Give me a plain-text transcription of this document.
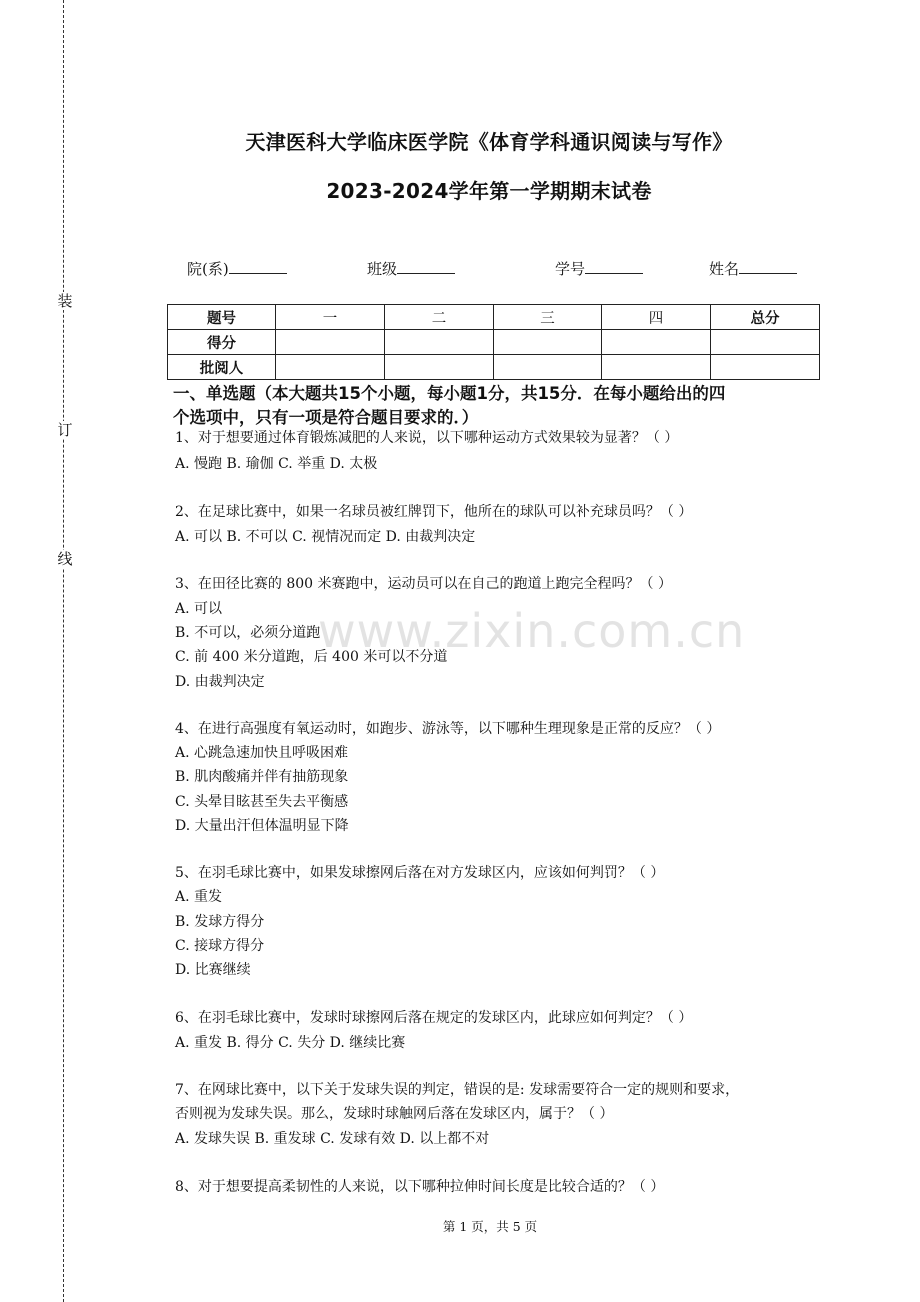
装
订
线
天津医科大学临床医学院《体育学科通识阅读与写作》
2023-2024学年第一学期期末试卷
院(系)	班级	学号	姓名
题号	一	二	三	四	总分
得分					
批阅人					
一、单选题（本大题共15个小题，每小题1分，共15分．在每小题给出的四
个选项中，只有一项是符合题目要求的．）
www.zixin.com.cn
1、对于想要通过体育锻炼减肥的人来说，以下哪种运动方式效果较为显著？（ ）
A. 慢跑 B. 瑜伽 C. 举重 D. 太极
2、在足球比赛中，如果一名球员被红牌罚下，他所在的球队可以补充球员吗？（ ）
A. 可以 B. 不可以 C. 视情况而定 D. 由裁判决定
3、在田径比赛的 800 米赛跑中，运动员可以在自己的跑道上跑完全程吗？（ ）
A. 可以
B. 不可以，必须分道跑
C. 前 400 米分道跑，后 400 米可以不分道
D. 由裁判决定
4、在进行高强度有氧运动时，如跑步、游泳等，以下哪种生理现象是正常的反应？（ ）
A. 心跳急速加快且呼吸困难
B. 肌肉酸痛并伴有抽筋现象
C. 头晕目眩甚至失去平衡感
D. 大量出汗但体温明显下降
5、在羽毛球比赛中，如果发球擦网后落在对方发球区内，应该如何判罚？（ ）
A. 重发
B. 发球方得分
C. 接球方得分
D. 比赛继续
6、在羽毛球比赛中，发球时球擦网后落在规定的发球区内，此球应如何判定？（ ）
A. 重发 B. 得分 C. 失分 D. 继续比赛
7、在网球比赛中，以下关于发球失误的判定，错误的是: 发球需要符合一定的规则和要求，
否则视为发球失误。那么，发球时球触网后落在发球区内，属于？（ ）
A. 发球失误 B. 重发球 C. 发球有效 D. 以上都不对
8、对于想要提高柔韧性的人来说，以下哪种拉伸时间长度是比较合适的？（ ）
第 1 页，共 5 页
